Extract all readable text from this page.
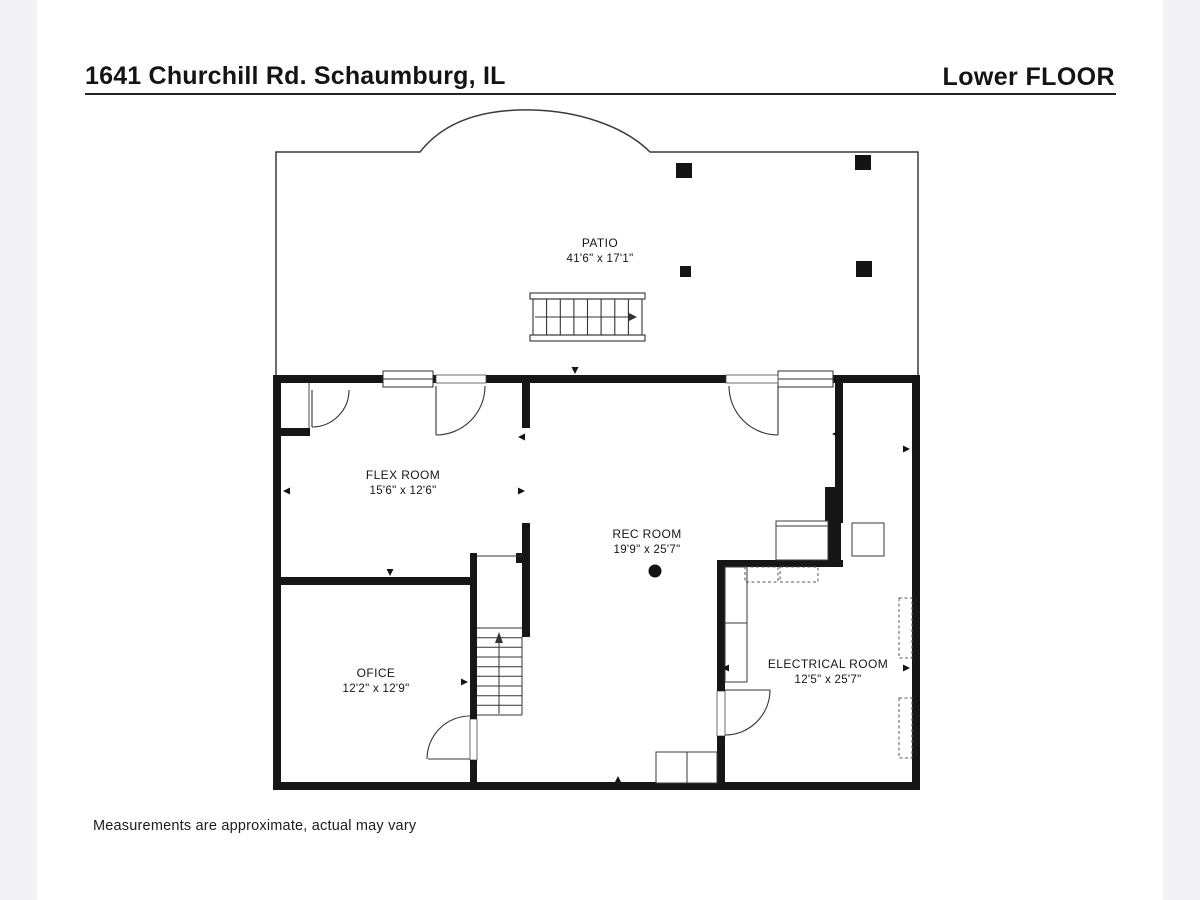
1641 Churchill Rd. Schaumburg, IL	Lower FLOOR
PATIO
41'6" x 17'1"
FLEX ROOM
15'6" x 12'6"
REC ROOM
19'9" x 25'7"
OFICE
12'2" x 12'9"
ELECTRICAL ROOM
12'5" x 25'7"
Measurements are approximate, actual may vary
